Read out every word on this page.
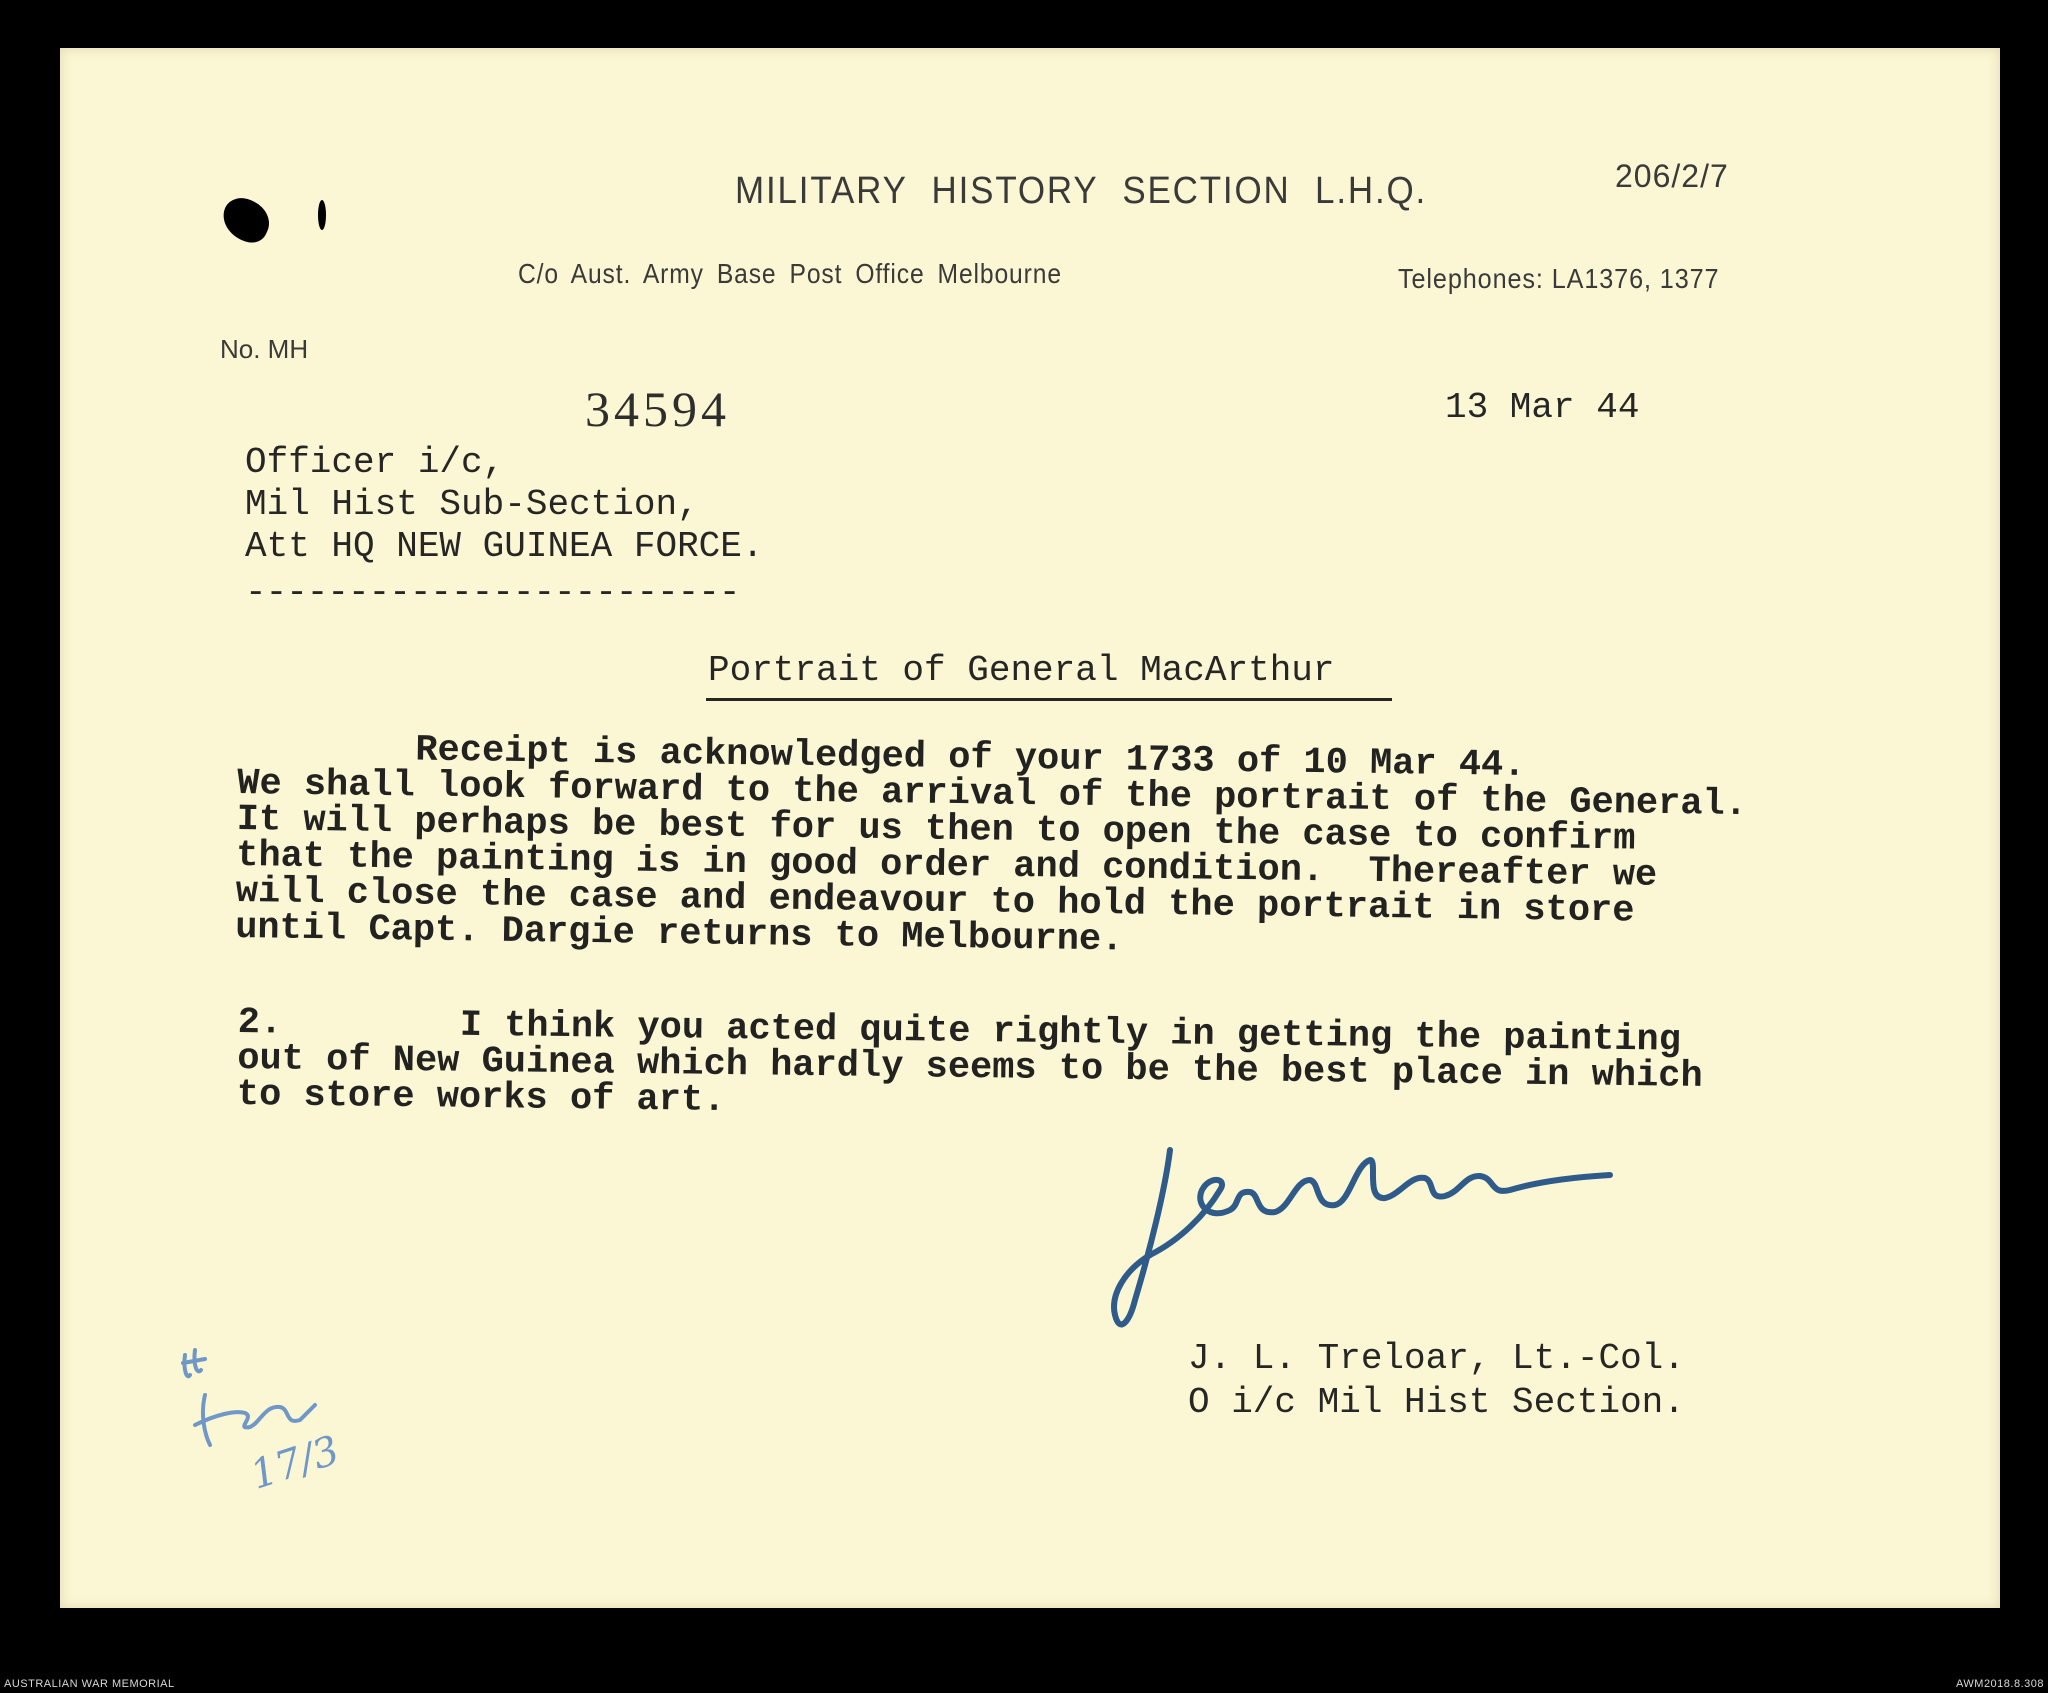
MILITARY HISTORY SECTION L.H.Q.	206/2/7
C/o Aust. Army Base Post Office Melbourne	Telephones: LA1376, 1377
No. MH
34594	13 Mar 44
Officer i/c,
Mil Hist Sub-Section,
Att HQ NEW GUINEA FORCE.
------------------------
Portrait of General MacArthur
Receipt is acknowledged of your 1733 of 10 Mar 44.
We shall look forward to the arrival of the portrait of the General.
It will perhaps be best for us then to open the case to confirm
that the painting is in good order and condition.  Thereafter we
will close the case and endeavour to hold the portrait in store
until Capt. Dargie returns to Melbourne.
2.        I think you acted quite rightly in getting the painting
out of New Guinea which hardly seems to be the best place in which
to store works of art.
17/3
J. L. Treloar, Lt.-Col.
O i/c Mil Hist Section.
AUSTRALIAN WAR MEMORIAL	AWM2018.8.308
